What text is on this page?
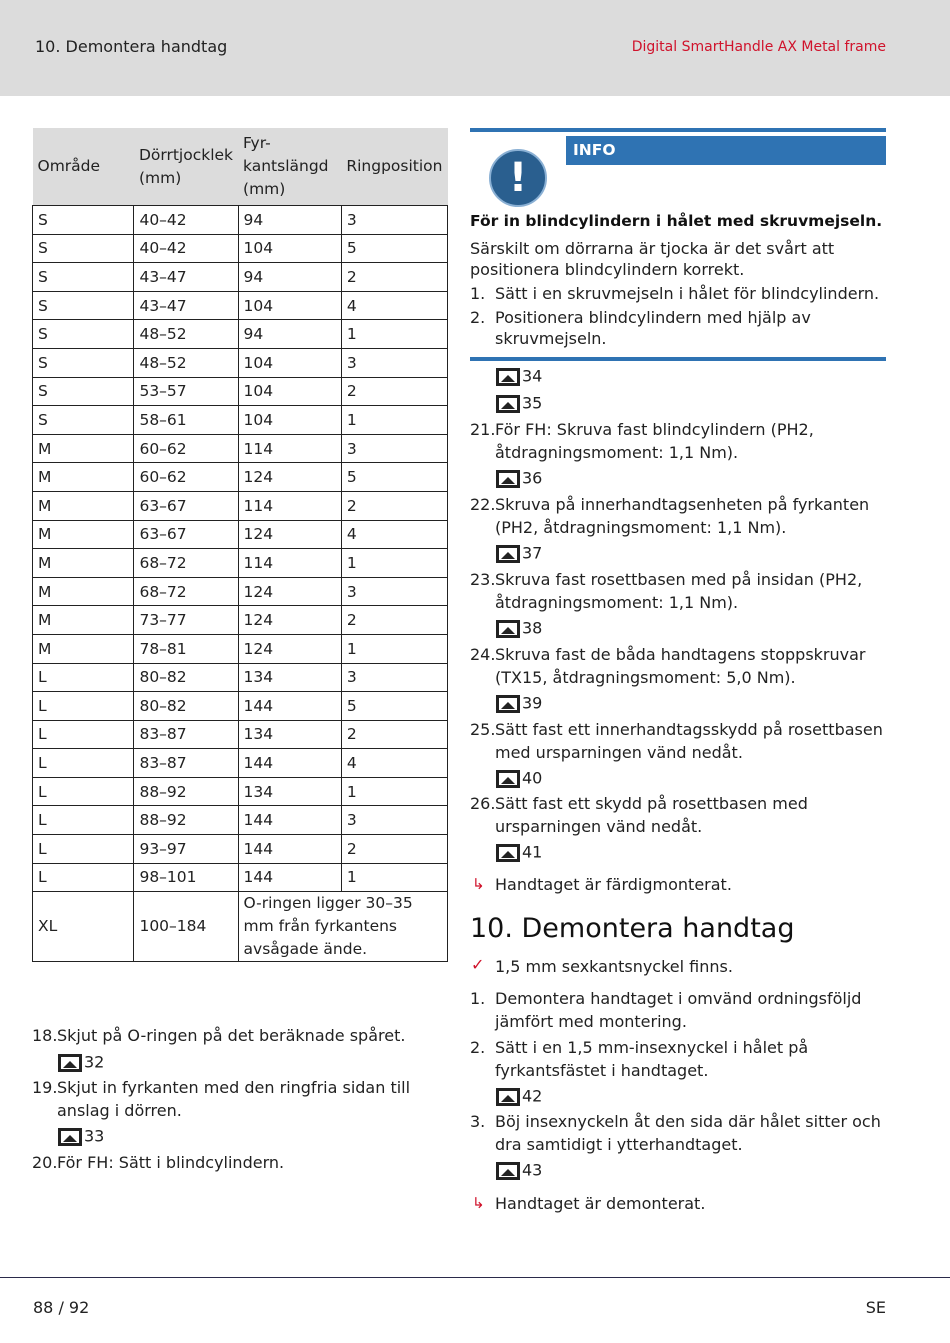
10. Demontera handtag	Digital SmartHandle AX Metal frame
Område	Dörrtjocklek (mm)	Fyr-kantslängd (mm)	Ringposition
S	40–42	94	3
S	40–42	104	5
S	43–47	94	2
S	43–47	104	4
S	48–52	94	1
S	48–52	104	3
S	53–57	104	2
S	58–61	104	1
M	60–62	114	3
M	60–62	124	5
M	63–67	114	2
M	63–67	124	4
M	68–72	114	1
M	68–72	124	3
M	73–77	124	2
M	78–81	124	1
L	80–82	134	3
L	80–82	144	5
L	83–87	134	2
L	83–87	144	4
L	88–92	134	1
L	88–92	144	3
L	93–97	144	2
L	98–101	144	1
XL	100–184	O-ringen ligger 30–35 mm från fyrkantens avsågade ände.	
18. Skjut på O-ringen på det beräknade spåret.
32
19. Skjut in fyrkanten med den ringfria sidan till anslag i dörren.
33
20. För FH: Sätt i blindcylindern.
INFO
!
För in blindcylindern i hålet med skruvmejseln.
Särskilt om dörrarna är tjocka är det svårt att positionera blindcylindern korrekt.
1. Sätt i en skruvmejseln i hålet för blindcylindern.
2. Positionera blindcylindern med hjälp av skruvmejseln.
34
35
21. För FH: Skruva fast blindcylindern (PH2, åtdragningsmoment: 1,1 Nm).
36
22. Skruva på innerhandtagsenheten på fyrkanten (PH2, åtdragningsmoment: 1,1 Nm).
37
23. Skruva fast rosettbasen med på insidan (PH2, åtdragningsmoment: 1,1 Nm).
38
24. Skruva fast de båda handtagens stoppskruvar (TX15, åtdragningsmoment: 5,0 Nm).
39
25. Sätt fast ett innerhandtagsskydd på rosettbasen med ursparningen vänd nedåt.
40
26. Sätt fast ett skydd på rosettbasen med ursparningen vänd nedåt.
41
↳ Handtaget är färdigmonterat.
10. Demontera handtag
✓ 1,5 mm sexkantsnyckel finns.
1. Demontera handtaget i omvänd ordningsföljd jämfört med montering.
2. Sätt i en 1,5 mm-insexnyckel i hålet på fyrkantsfästet i handtaget.
42
3. Böj insexnyckeln åt den sida där hålet sitter och dra samtidigt i ytterhandtaget.
43
↳ Handtaget är demonterat.
88 / 92	SE
